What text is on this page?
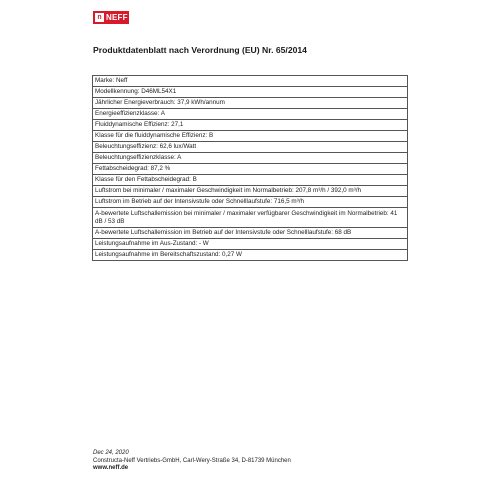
n NEFF
Produktdatenblatt nach Verordnung (EU) Nr. 65/2014
Marke: Neff
Modellkennung: D46ML54X1
Jährlicher Energieverbrauch: 37,9 kWh/annum
Energieeffizienzklasse: A
Fluiddynamische Effizienz: 27,1
Klasse für die fluiddynamische Effizienz: B
Beleuchtungseffizienz: 62,6 lux/Watt
Beleuchtungseffizienzklasse: A
Fettabscheidegrad: 87,2 %
Klasse für den Fettabscheidegrad: B
Luftstrom bei minimaler / maximaler Geschwindigkeit im Normalbetrieb: 207,8 m³/h / 392,0 m³/h
Luftstrom im Betrieb auf der Intensivstufe oder Schnelllaufstufe: 716,5 m³/h
A-bewertete Luftschallemission bei minimaler / maximaler verfügbarer Geschwindigkeit im Normalbetrieb: 41 dB / 53 dB
A-bewertete Luftschallemission im Betrieb auf der Intensivstufe oder Schnelllaufstufe: 68 dB
Leistungsaufnahme im Aus-Zustand: - W
Leistungsaufnahme im Bereitschaftszustand: 0,27 W
Dec 24, 2020
Constructa-Neff Vertriebs-GmbH, Carl-Wery-Straße 34, D-81739 München
www.neff.de
